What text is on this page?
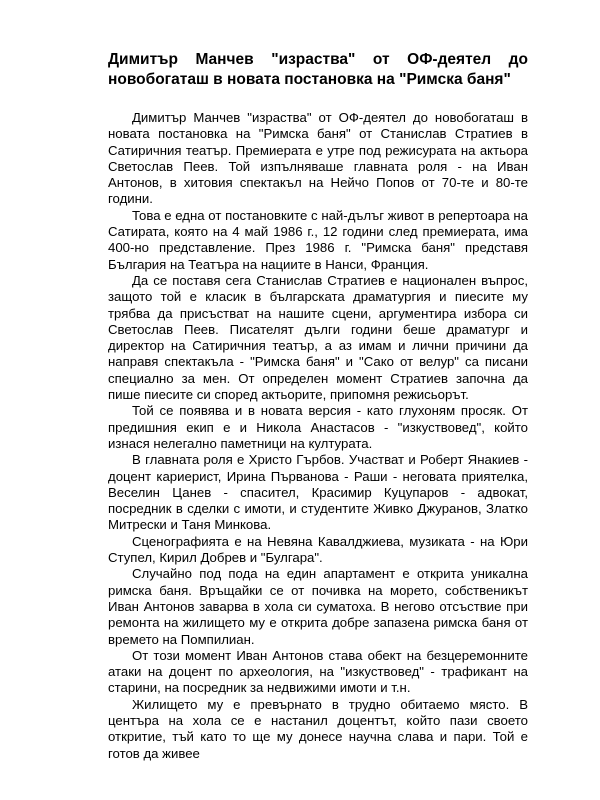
Димитър Манчев "израства" от ОФ-деятел до новобогаташ в новата постановка на "Римска баня"

Димитър Манчев "израства" от ОФ-деятел до новобогаташ в новата постановка на "Римска баня" от Станислав Стратиев в Сатиричния театър. Премиерата е утре под режисурата на актьора Светослав Пеев. Той изпълняваше главната роля - на Иван Антонов, в хитовия спектакъл на Нейчо Попов от 70-те и 80-те години.

Това е една от постановките с най-дълъг живот в репертоара на Сатирата, която на 4 май 1986 г., 12 години след премиерата, има 400-но представление. През 1986 г. "Римска баня" представя България на Театъра на нациите в Нанси, Франция.

Да се поставя сега Станислав Стратиев е национален въпрос, защото той е класик в българската драматургия и пиесите му трябва да присъстват на нашите сцени, аргументира избора си Светослав Пеев. Писателят дълги години беше драматург и директор на Сатиричния театър, а аз имам и лични причини да направя спектакъла - "Римска баня" и "Сако от велур" са писани специално за мен. От определен момент Стратиев започна да пише пиесите си според актьорите, припомня режисьорът.

Той се появява и в новата версия - като глухоням просяк. От предишния екип е и Никола Анастасов - "изкуствовед", който изнася нелегално паметници на културата.

В главната роля е Христо Гърбов. Участват и Роберт Янакиев - доцент кариерист, Ирина Първанова - Раши - неговата приятелка, Веселин Цанев - спасител, Красимир Куцупаров - адвокат, посредник в сделки с имоти, и студентите Живко Джуранов, Златко Митрески и Таня Минкова.

Сценографията е на Невяна Кавалджиева, музиката - на Юри Ступел, Кирил Добрев и "Булгара".

Случайно под пода на един апартамент е открита уникална римска баня. Връщайки се от почивка на морето, собственикът Иван Антонов заварва в хола си суматоха. В негово отсъствие при ремонта на жилището му е открита добре запазена римска баня от времето на Помпилиан.

От този момент Иван Антонов става обект на безцеремонните атаки на доцент по археология, на "изкуствовед" - трафикант на старини, на посредник за недвижими имоти и т.н.

Жилището му е превърнато в трудно обитаемо място. В центъра на хола се е настанил доцентът, който пази своето откритие, тъй като то ще му донесе научна слава и пари. Той е готов да живее
